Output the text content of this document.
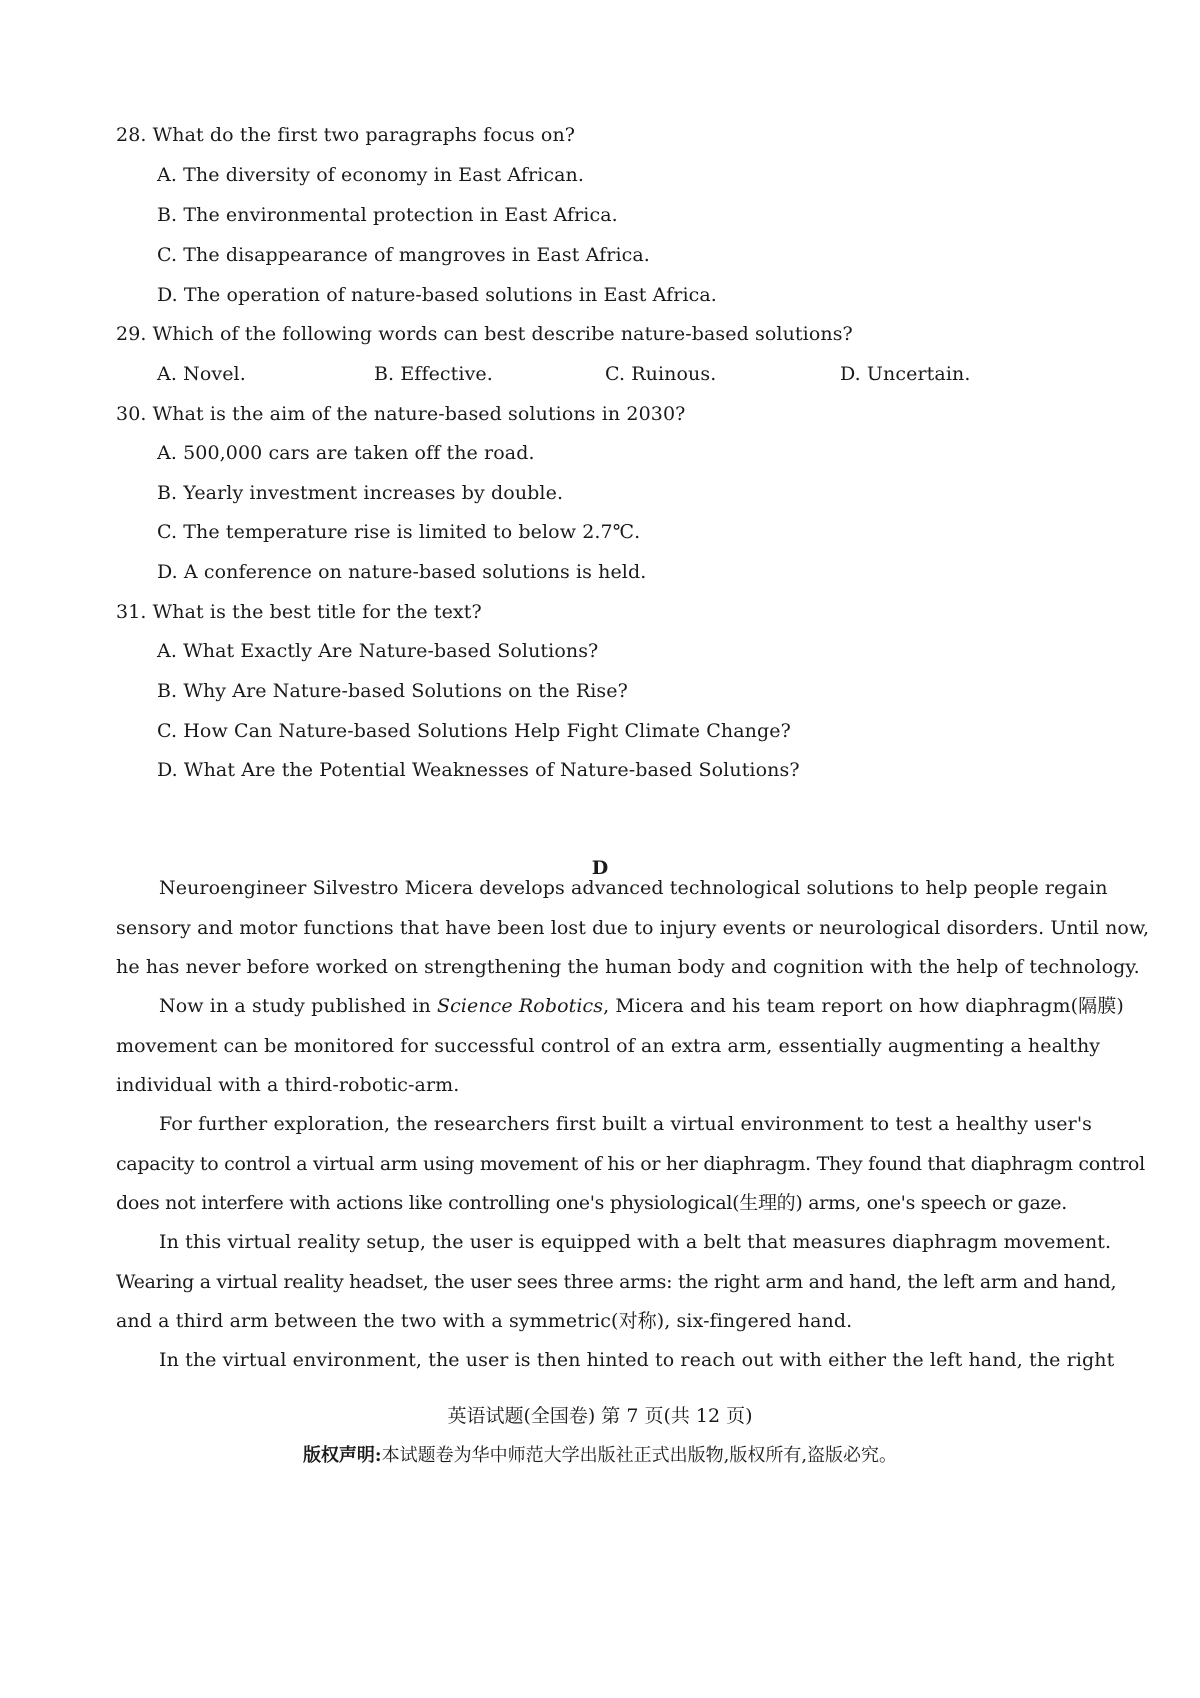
28. What do the first two paragraphs focus on?

A. The diversity of economy in East African.

B. The environmental protection in East Africa.

C. The disappearance of mangroves in East Africa.

D. The operation of nature-based solutions in East Africa.

29. Which of the following words can best describe nature-based solutions?

A. Novel.	B. Effective.	C. Ruinous.	D. Uncertain.

30. What is the aim of the nature-based solutions in 2030?

A. 500,000 cars are taken off the road.

B. Yearly investment increases by double.

C. The temperature rise is limited to below 2.7℃.

D. A conference on nature-based solutions is held.

31. What is the best title for the text?

A. What Exactly Are Nature-based Solutions?

B. Why Are Nature-based Solutions on the Rise?

C. How Can Nature-based Solutions Help Fight Climate Change?

D. What Are the Potential Weaknesses of Nature-based Solutions?

D

Neuroengineer Silvestro Micera develops advanced technological solutions to help people regain

sensory and motor functions that have been lost due to injury events or neurological disorders. Until now,

he has never before worked on strengthening the human body and cognition with the help of technology.

Now in a study published in Science Robotics, Micera and his team report on how diaphragm(隔膜)

movement can be monitored for successful control of an extra arm, essentially augmenting a healthy

individual with a third-robotic-arm.

For further exploration, the researchers first built a virtual environment to test a healthy user's

capacity to control a virtual arm using movement of his or her diaphragm. They found that diaphragm control

does not interfere with actions like controlling one's physiological(生理的) arms, one's speech or gaze.

In this virtual reality setup, the user is equipped with a belt that measures diaphragm movement.

Wearing a virtual reality headset, the user sees three arms: the right arm and hand, the left arm and hand,

and a third arm between the two with a symmetric(对称), six-fingered hand.

In the virtual environment, the user is then hinted to reach out with either the left hand, the right

英语试题(全国卷) 第 7 页(共 12 页)

版权声明:本试题卷为华中师范大学出版社正式出版物,版权所有,盗版必究。
